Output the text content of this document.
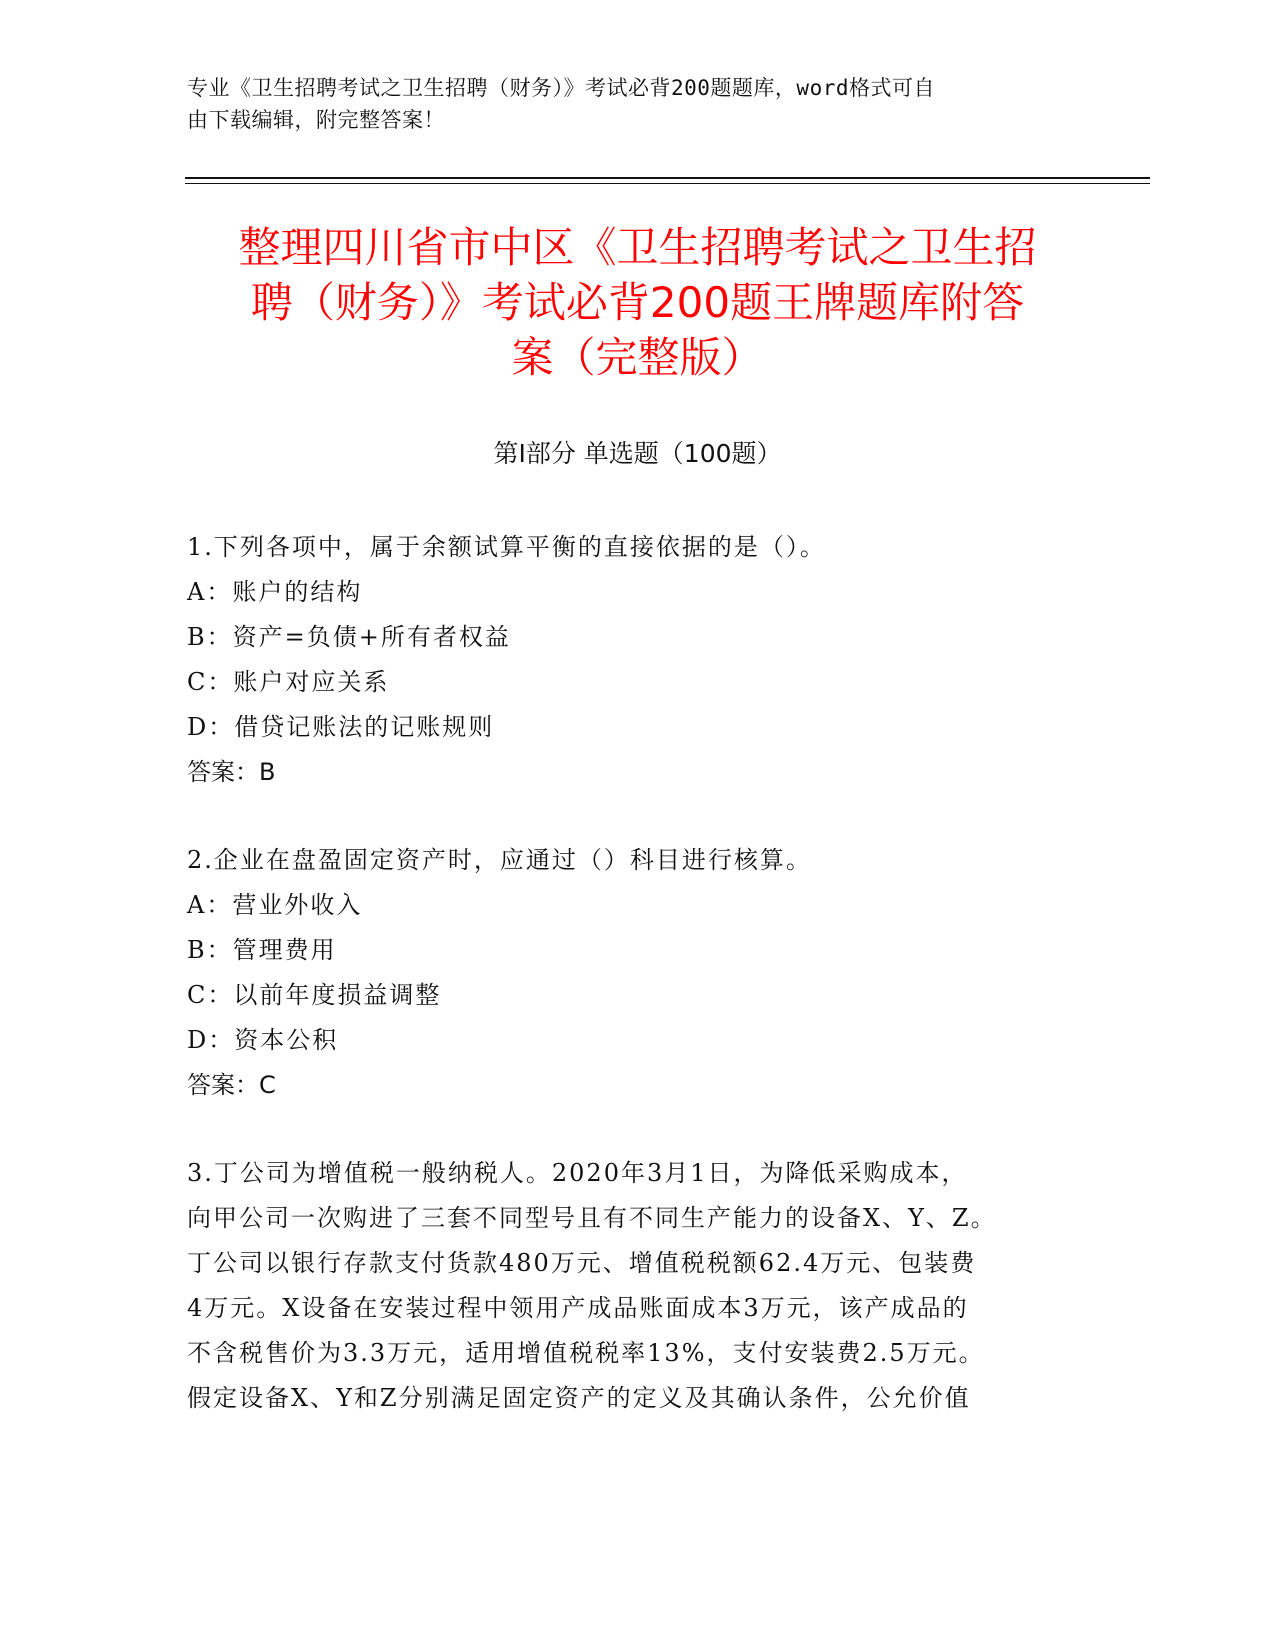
专业《卫生招聘考试之卫生招聘（财务）》考试必背200题题库，word格式可自
由下载编辑，附完整答案！
整理四川省市中区《卫生招聘考试之卫生招
聘（财务）》考试必背200题王牌题库附答
案（完整版）
第Ⅰ部分 单选题（100题）
1.下列各项中，属于余额试算平衡的直接依据的是（）。
A：账户的结构
B：资产=负债+所有者权益
C：账户对应关系
D：借贷记账法的记账规则
答案：B
2.企业在盘盈固定资产时，应通过（）科目进行核算。
A：营业外收入
B：管理费用
C：以前年度损益调整
D：资本公积
答案：C
3.丁公司为增值税一般纳税人。2020年3月1日，为降低采购成本，
向甲公司一次购进了三套不同型号且有不同生产能力的设备X、Y、Z。
丁公司以银行存款支付货款480万元、增值税税额62.4万元、包装费
4万元。X设备在安装过程中领用产成品账面成本3万元，该产成品的
不含税售价为3.3万元，适用增值税税率13%，支付安装费2.5万元。
假定设备X、Y和Z分别满足固定资产的定义及其确认条件，公允价值
